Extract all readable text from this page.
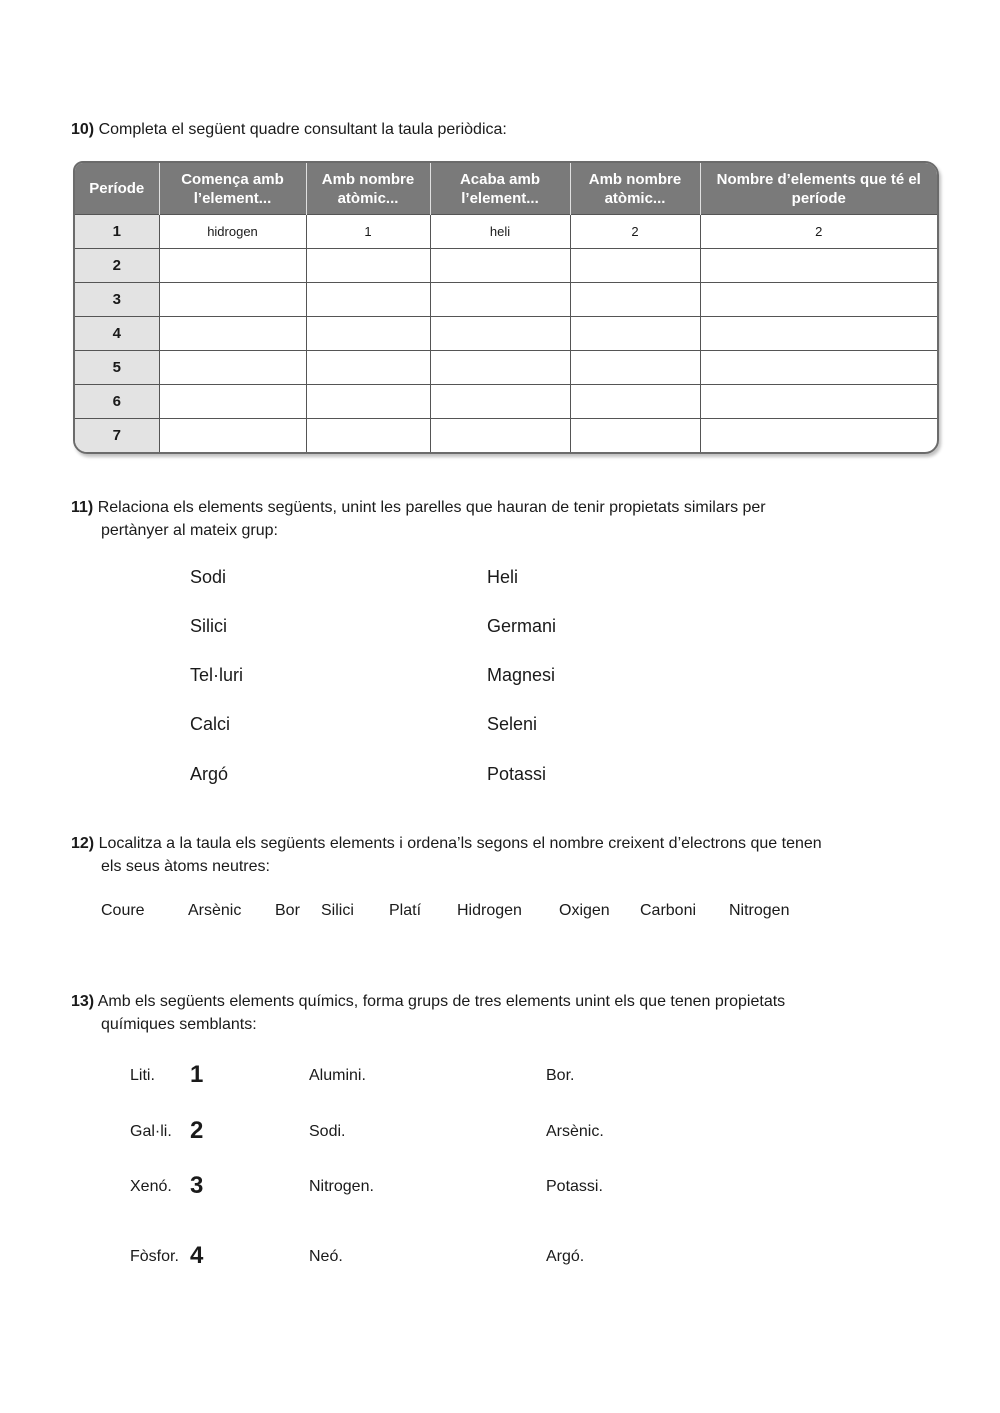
10) Completa el següent quadre consultant la taula periòdica:
Període	Comença amb l’element...	Amb nombre atòmic...	Acaba amb l’element...	Amb nombre atòmic...	Nombre d’elements que té el període
1	hidrogen	1	heli	2	2
2					
3					
4					
5					
6					
7					
11) Relaciona els elements següents, unint les parelles que hauran de tenir propietats similars per
pertànyer al mateix grup:
Sodi
Silici
Tel·luri
Calci
Argó
Heli
Germani
Magnesi
Seleni
Potassi
12) Localitza a la taula els següents elements i ordena’ls segons el nombre creixent d’electrons que tenen
els seus àtoms neutres:
Coure	Arsènic Bor Silici Platí Hidrogen Oxigen Carboni Nitrogen
13) Amb els següents elements químics, forma grups de tres elements unint els que tenen propietats
químiques semblants:
Liti. 1	Alumini.	Bor.
Gal·li. 2	Sodi.	Arsènic.
Xenó. 3	Nitrogen.	Potassi.
Fòsfor. 4	Neó.	Argó.
